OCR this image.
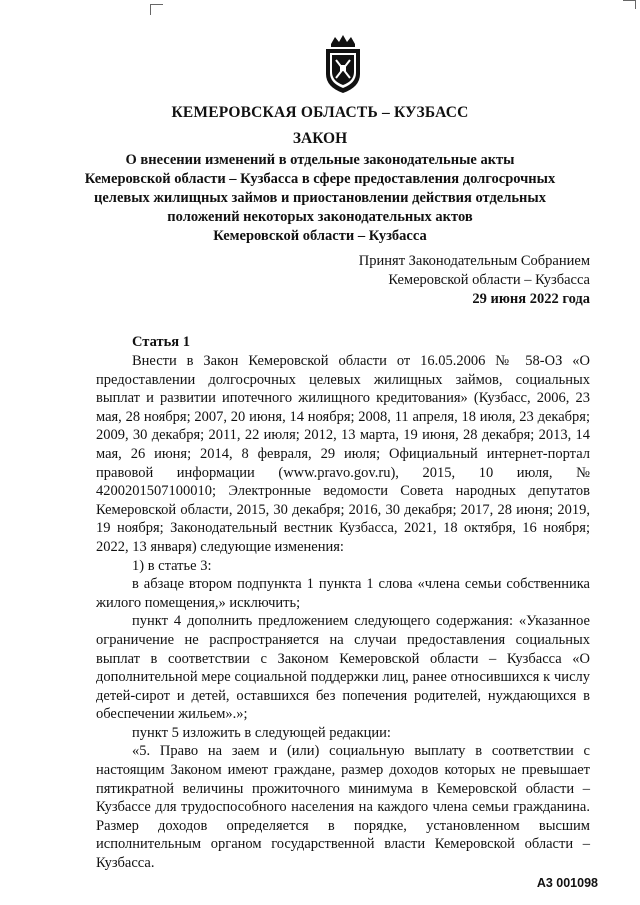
КЕМЕРОВСКАЯ ОБЛАСТЬ – КУЗБАСС
ЗАКОН
О внесении изменений в отдельные законодательные акты
Кемеровской области – Кузбасса в сфере предоставления долгосрочных
целевых жилищных займов и приостановлении действия отдельных
положений некоторых законодательных актов
Кемеровской области – Кузбасса
Принят Законодательным Собранием
Кемеровской области – Кузбасса
29 июня 2022 года
Статья 1

Внести в Закон Кемеровской области от 16.05.2006 № 58-ОЗ «О предоставлении долгосрочных целевых жилищных займов, социальных выплат и развитии ипотечного жилищного кредитования» (Кузбасс, 2006, 23 мая, 28 ноября; 2007, 20 июня, 14 ноября; 2008, 11 апреля, 18 июля, 23 декабря; 2009, 30 декабря; 2011, 22 июля; 2012, 13 марта, 19 июня, 28 декабря; 2013, 14 мая, 26 июня; 2014, 8 февраля, 29 июля; Официальный интернет-портал правовой информации (www.pravo.gov.ru), 2015, 10 июля, № 4200201507100010; Электронные ведомости Совета народных депутатов Кемеровской области, 2015, 30 декабря; 2016, 30 декабря; 2017, 28 июня; 2019, 19 ноября; Законодательный вестник Кузбасса, 2021, 18 октября, 16 ноября; 2022, 13 января) следующие изменения:

1) в статье 3:

в абзаце втором подпункта 1 пункта 1 слова «члена семьи собственника жилого помещения,» исключить;

пункт 4 дополнить предложением следующего содержания: «Указанное ограничение не распространяется на случаи предоставления социальных выплат в соответствии с Законом Кемеровской области – Кузбасса «О дополнительной мере социальной поддержки лиц, ранее относившихся к числу детей-сирот и детей, оставшихся без попечения родителей, нуждающихся в обеспечении жильем».»;

пункт 5 изложить в следующей редакции:

«5. Право на заем и (или) социальную выплату в соответствии с настоящим Законом имеют граждане, размер доходов которых не превышает пятикратной величины прожиточного минимума в Кемеровской области – Кузбассе для трудоспособного населения на каждого члена семьи гражданина. Размер доходов определяется в порядке, установленном высшим исполнительным органом государственной власти Кемеровской области – Кузбасса.

А3 001098
